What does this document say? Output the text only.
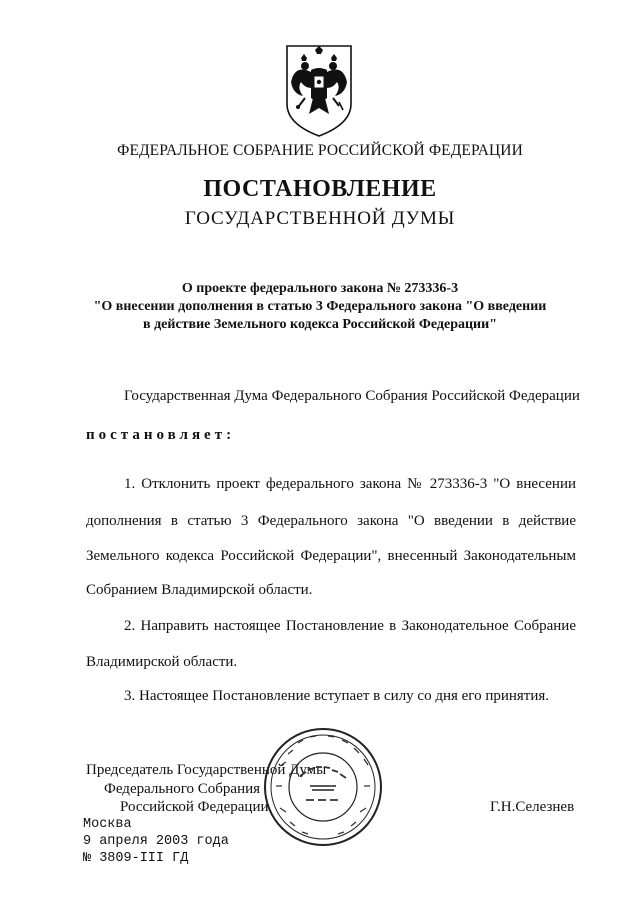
ФЕДЕРАЛЬНОЕ СОБРАНИЕ РОССИЙСКОЙ ФЕДЕРАЦИИ
ПОСТАНОВЛЕНИЕ
ГОСУДАРСТВЕННОЙ ДУМЫ
О проекте федерального закона № 273336-3
"О внесении дополнения в статью 3 Федерального закона "О введении
в действие Земельного кодекса Российской Федерации"
Государственная Дума Федерального Собрания Российской Федерации
постановляет:
1. Отклонить проект федерального закона № 273336-3 "О внесении
дополнения в статью 3 Федерального закона "О введении в действие
Земельного кодекса Российской Федерации", внесенный Законодательным
Собранием Владимирской области.
2. Направить настоящее Постановление в Законодательное Собрание
Владимирской области.
3. Настоящее Постановление вступает в силу со дня его принятия.
Председатель Государственной Думы
Федерального Собрания
Российской Федерации	Г.Н.Селезнев
Москва
9 апреля 2003 года
№ 3809-III ГД
